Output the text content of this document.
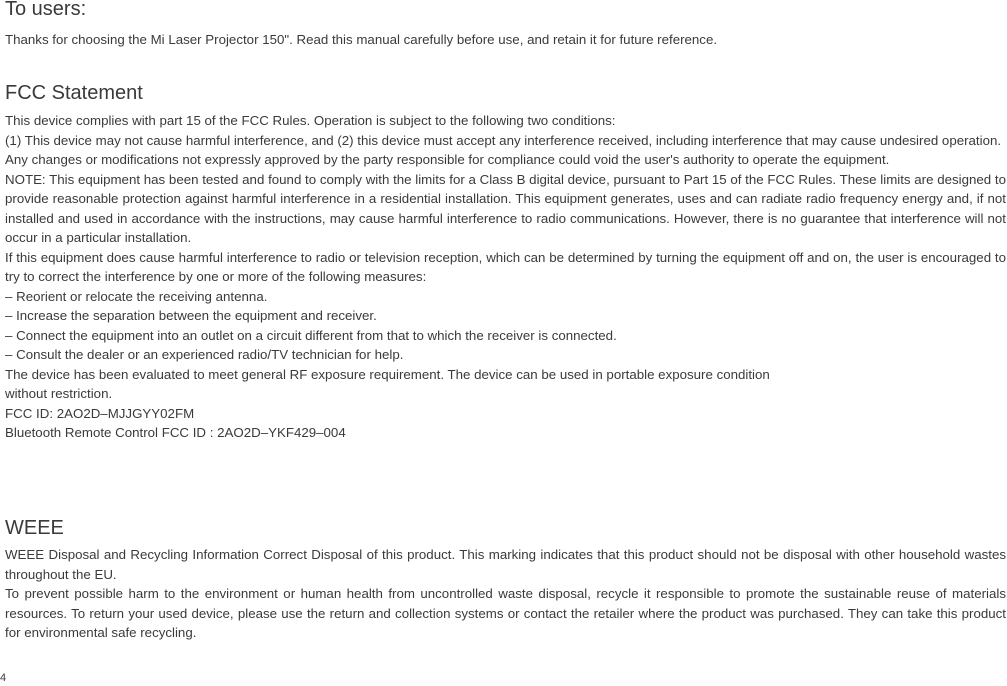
To users:

Thanks for choosing the Mi Laser Projector 150". Read this manual carefully before use, and retain it for future reference.

FCC Statement

This device complies with part 15 of the FCC Rules. Operation is subject to the following two conditions:

(1) This device may not cause harmful interference, and (2) this device must accept any interference received, including interference that may cause undesired operation.

Any changes or modifications not expressly approved by the party responsible for compliance could void the user's authority to operate the equipment.

NOTE: This equipment has been tested and found to comply with the limits for a Class B digital device, pursuant to Part 15 of the FCC Rules. These limits are designed to provide reasonable protection against harmful interference in a residential installation. This equipment generates, uses and can radiate radio frequency energy and, if not installed and used in accordance with the instructions, may cause harmful interference to radio communications. However, there is no guarantee that interference will not occur in a particular installation.

If this equipment does cause harmful interference to radio or television reception, which can be determined by turning the equipment off and on, the user is encouraged to try to correct the interference by one or more of the following measures:

– Reorient or relocate the receiving antenna.

– Increase the separation between the equipment and receiver.

– Connect the equipment into an outlet on a circuit different from that to which the receiver is connected.

– Consult the dealer or an experienced radio/TV technician for help.

The device has been evaluated to meet general RF exposure requirement. The device can be used in portable exposure condition

without restriction.

FCC ID: 2AO2D–MJJGYY02FM

Bluetooth Remote Control FCC ID : 2AO2D–YKF429–004

WEEE

WEEE Disposal and Recycling Information Correct Disposal of this product. This marking indicates that this product should not be disposal with other household wastes throughout the EU.

To prevent possible harm to the environment or human health from uncontrolled waste disposal, recycle it responsible to promote the sustainable reuse of materials resources. To return your used device, please use the return and collection systems or contact the retailer where the product was purchased. They can take this product for environmental safe recycling.

4
